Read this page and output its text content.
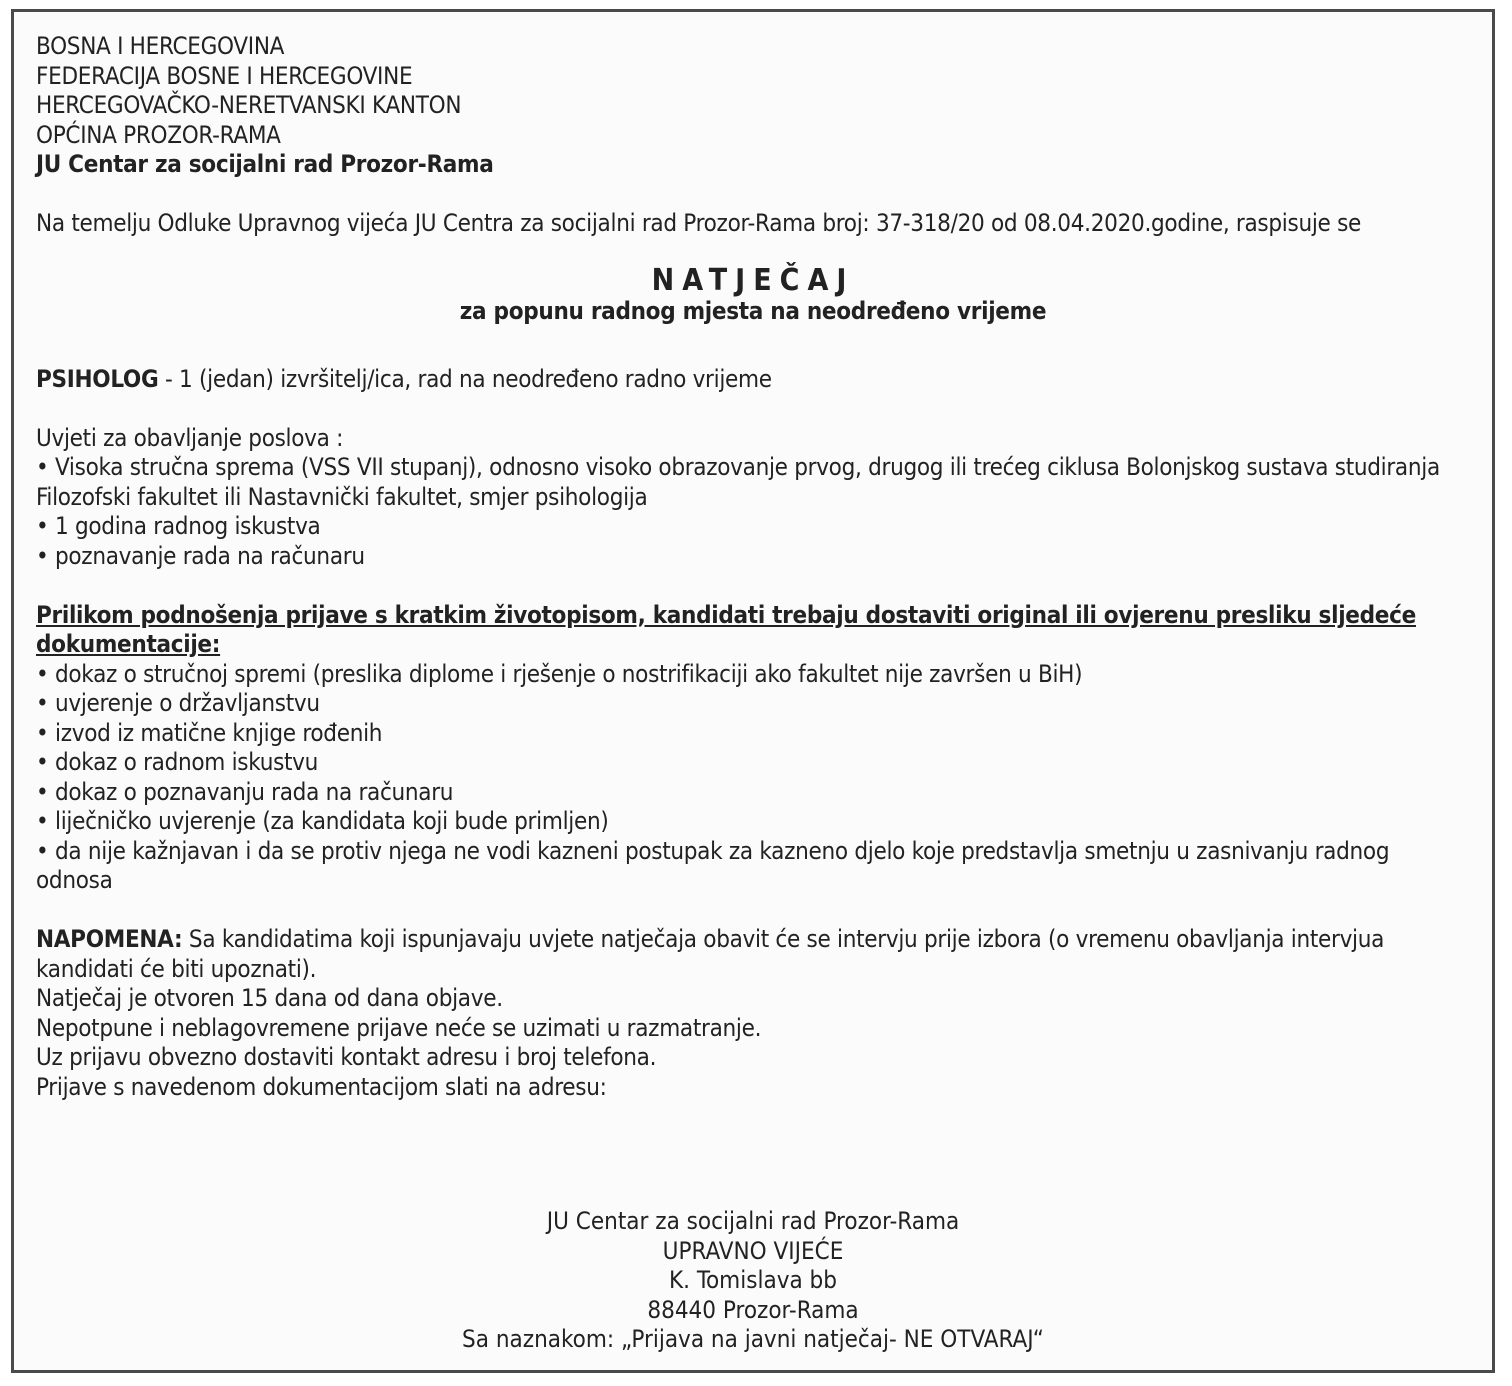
BOSNA I HERCEGOVINA
FEDERACIJA BOSNE I HERCEGOVINE
HERCEGOVAČKO-NERETVANSKI KANTON
OPĆINA PROZOR-RAMA
JU Centar za socijalni rad Prozor-Rama
Na temelju Odluke Upravnog vijeća JU Centra za socijalni rad Prozor-Rama broj: 37-318/20 od 08.04.2020.godine, raspisuje se
NATJEČAJ
za popunu radnog mjesta na neodređeno vrijeme
PSIHOLOG - 1 (jedan) izvršitelj/ica, rad na neodređeno radno vrijeme
Uvjeti za obavljanje poslova :
• Visoka stručna sprema (VSS VII stupanj), odnosno visoko obrazovanje prvog, drugog ili trećeg ciklusa Bolonjskog sustava studiranja Filozofski fakultet ili Nastavnički fakultet, smjer psihologija
• 1 godina radnog iskustva
• poznavanje rada na računaru
Prilikom podnošenja prijave s kratkim životopisom, kandidati trebaju dostaviti original ili ovjerenu presliku sljedeće dokumentacije:
• dokaz o stručnoj spremi (preslika diplome i rješenje o nostrifikaciji ako fakultet nije završen u BiH)
• uvjerenje o državljanstvu
• izvod iz matične knjige rođenih
• dokaz o radnom iskustvu
• dokaz o poznavanju rada na računaru
• liječničko uvjerenje (za kandidata koji bude primljen)
• da nije kažnjavan i da se protiv njega ne vodi kazneni postupak za kazneno djelo koje predstavlja smetnju u zasnivanju radnog odnosa
NAPOMENA: Sa kandidatima koji ispunjavaju uvjete natječaja obavit će se intervju prije izbora (o vremenu obavljanja intervjua kandidati će biti upoznati).
Natječaj je otvoren 15 dana od dana objave.
Nepotpune i neblagovremene prijave neće se uzimati u razmatranje.
Uz prijavu obvezno dostaviti kontakt adresu i broj telefona.
Prijave s navedenom dokumentacijom slati na adresu:
JU Centar za socijalni rad Prozor-Rama
UPRAVNO VIJEĆE
K. Tomislava bb
88440 Prozor-Rama
Sa naznakom: „Prijava na javni natječaj- NE OTVARAJ“
